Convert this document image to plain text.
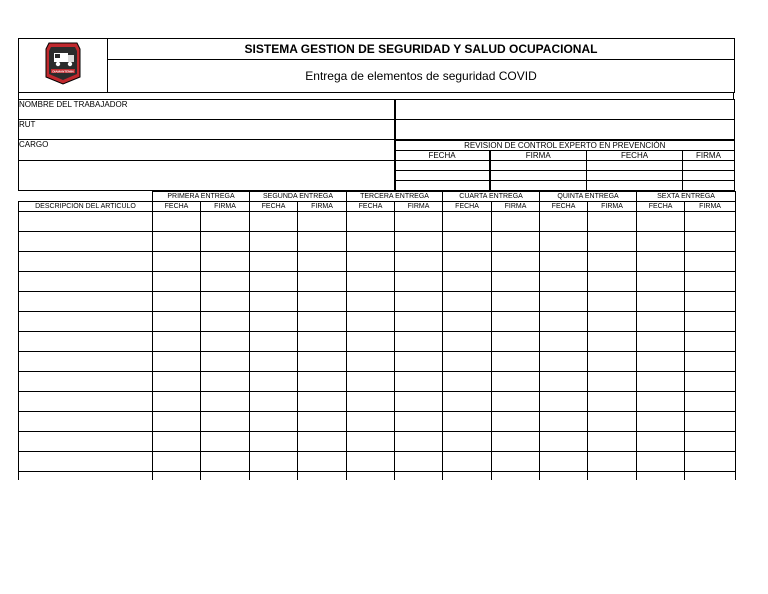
DIAMANTEMIN
	SISTEMA GESTION DE SEGURIDAD Y SALUD OCUPACIONAL
Entrega de elementos de seguridad COVID
NOMBRE DEL TRABAJADOR				
RUT				
CARGO	REVISION DE CONTROL EXPERTO EN PREVENCIÓN			
	FECHA	FIRMA	FECHA	FIRMA

	PRIMERA ENTREGA		SEGUNDA ENTREGA		TERCERA ENTREGA		CUARTA ENTREGA		QUINTA ENTREGA		SEXTA ENTREGA	
DESCRIPCIÓN DEL ARTICULO	FECHA	FIRMA	FECHA	FIRMA	FECHA	FIRMA	FECHA	FIRMA	FECHA	FIRMA	FECHA	FIRMA
